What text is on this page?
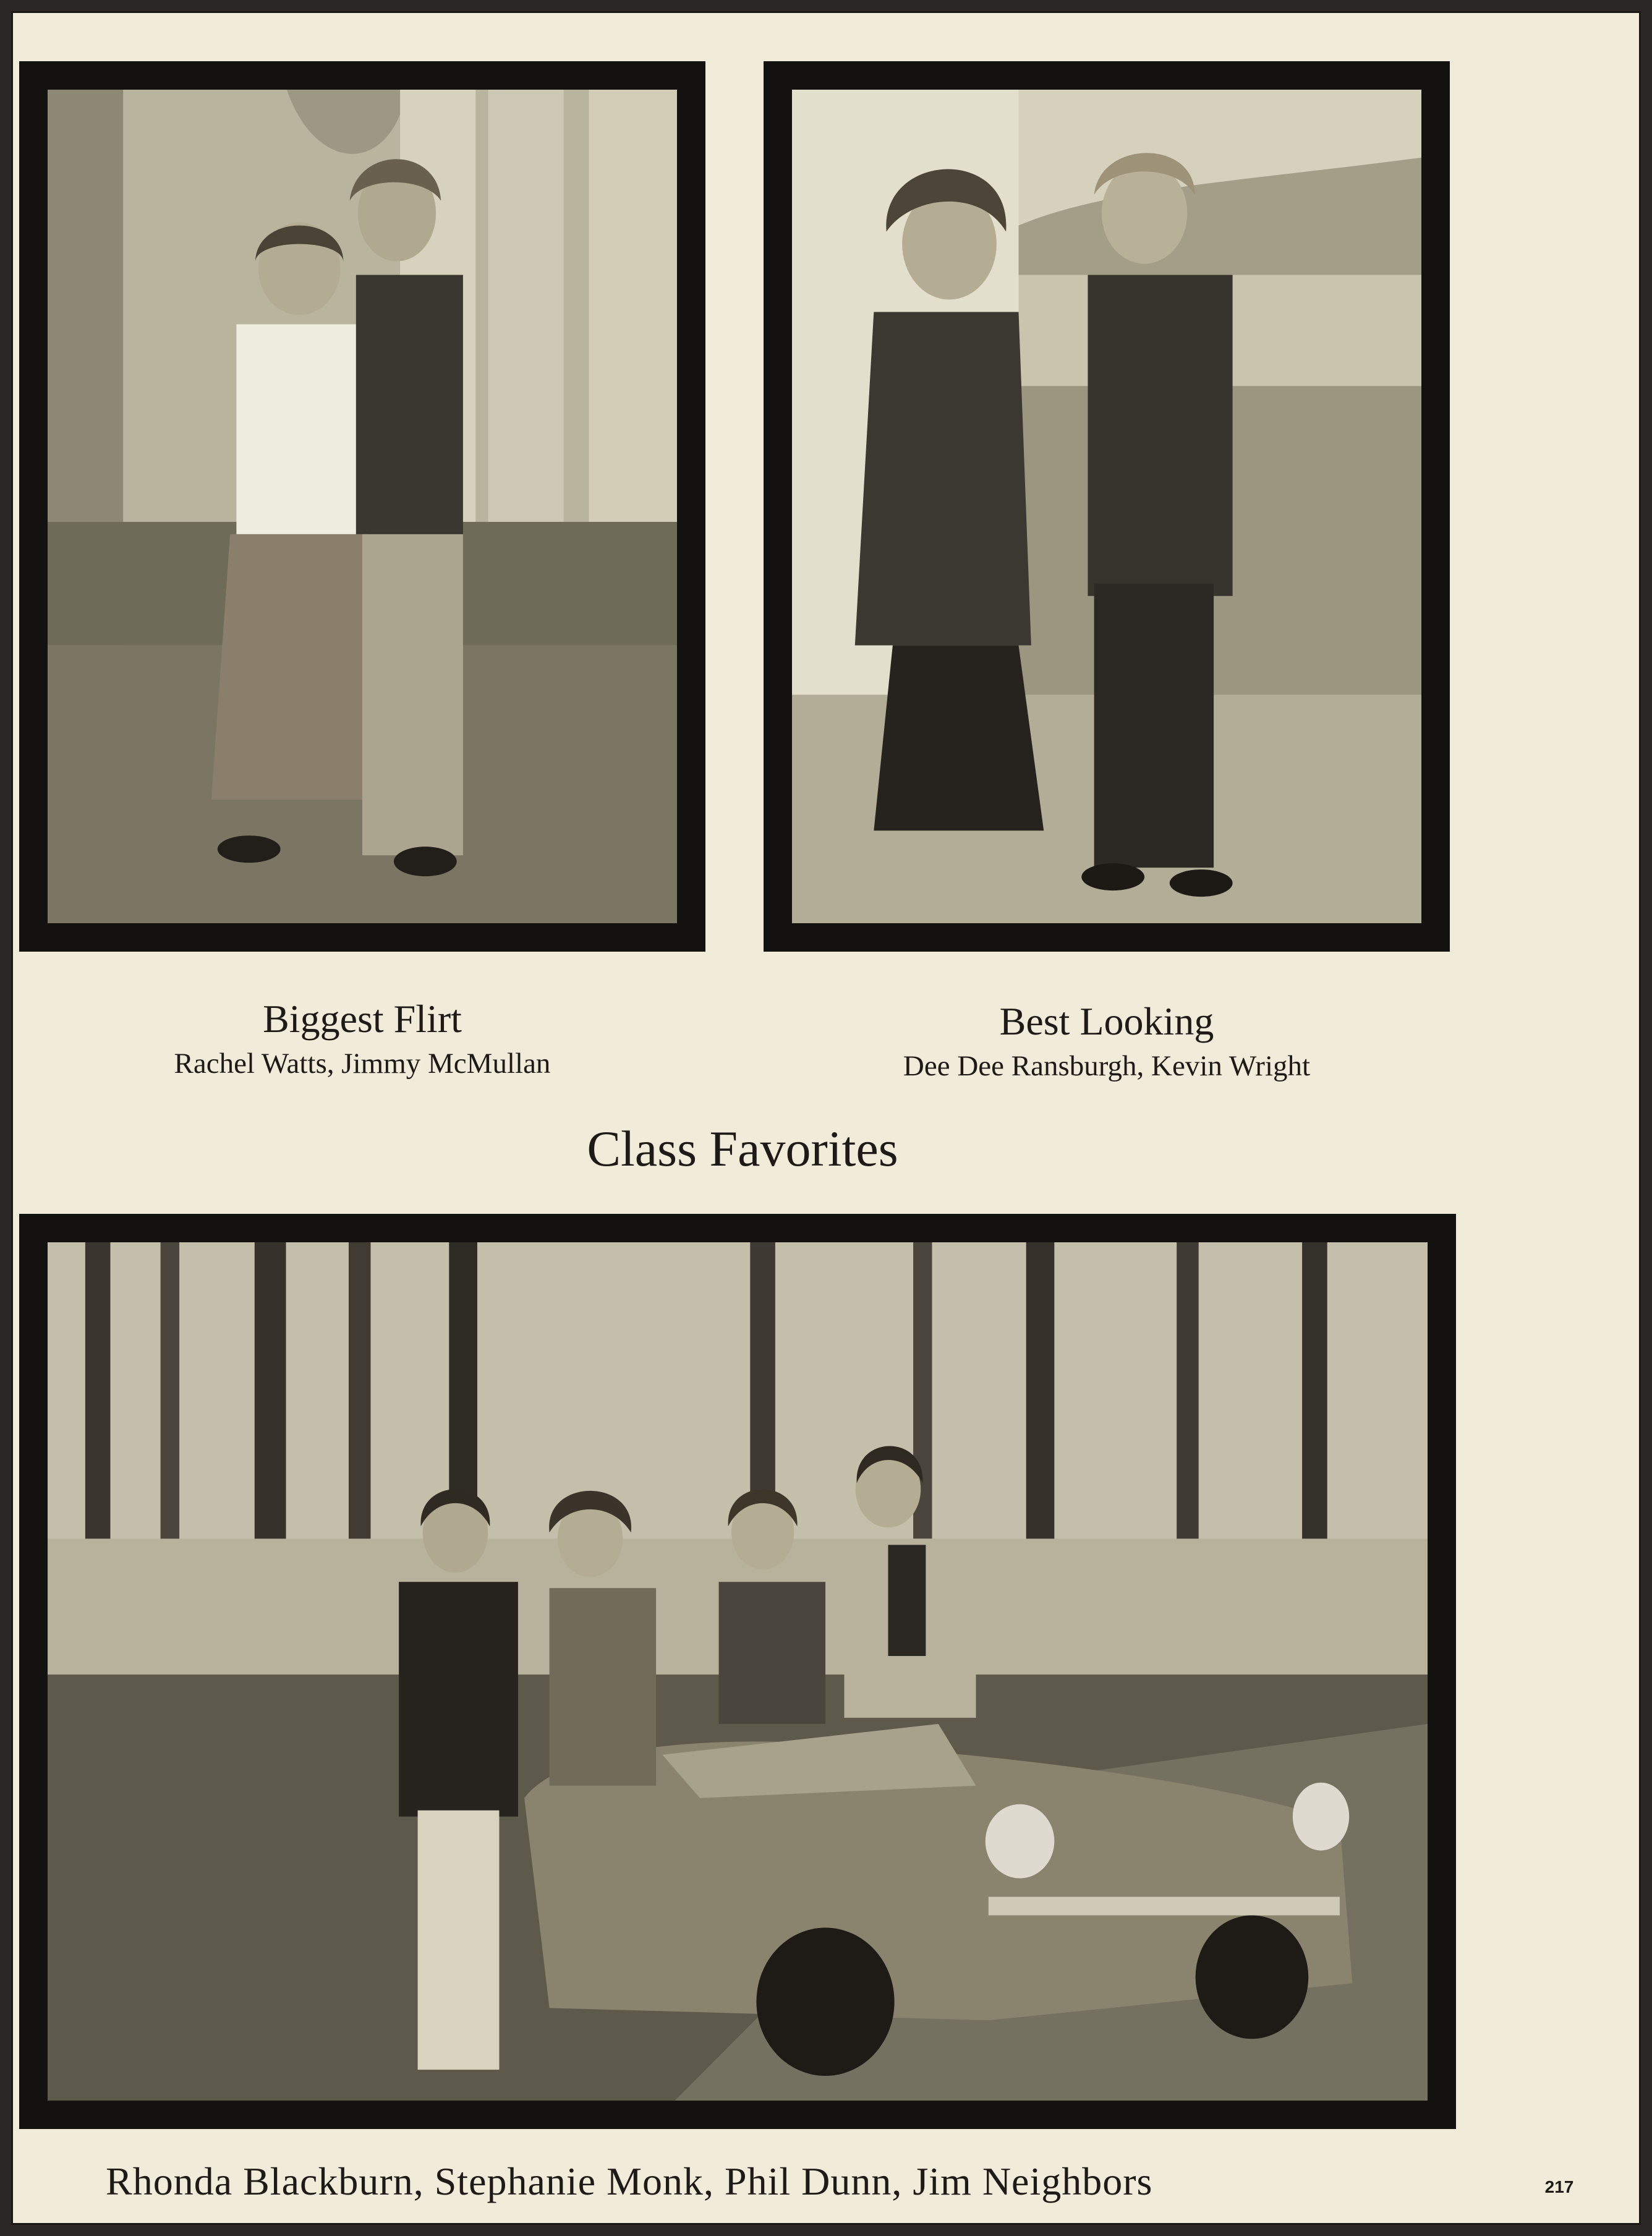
Biggest Flirt
Rachel Watts, Jimmy McMullan
Best Looking
Dee Dee Ransburgh, Kevin Wright
Class Favorites
Rhonda Blackburn, Stephanie Monk, Phil Dunn, Jim Neighbors	217
